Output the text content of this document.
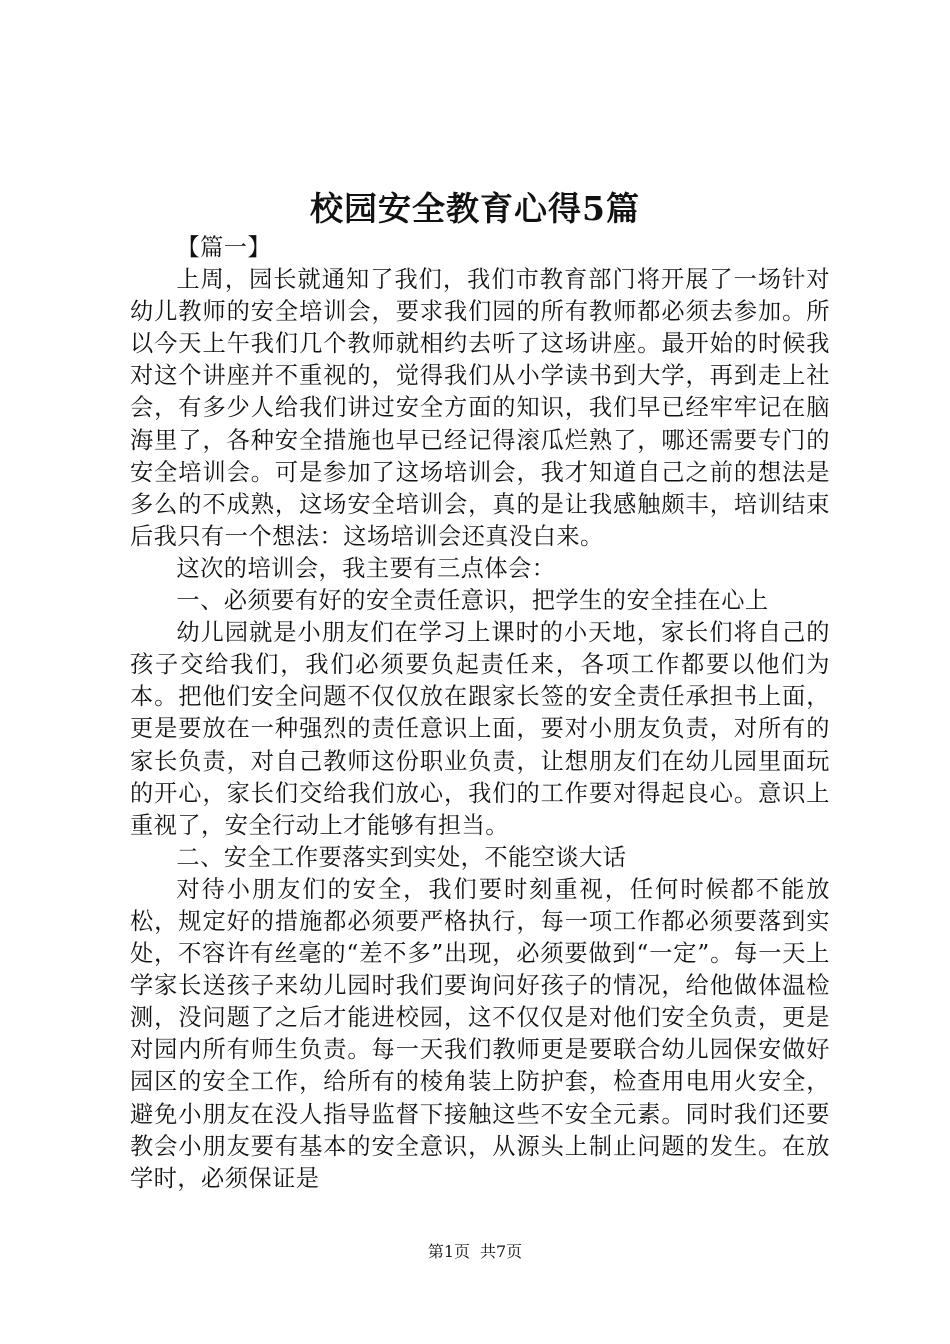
校园安全教育心得5篇

【篇一】

上周，园长就通知了我们，我们市教育部门将开展了一场针对幼儿教师的安全培训会，要求我们园的所有教师都必须去参加。所以今天上午我们几个教师就相约去听了这场讲座。最开始的时候我对这个讲座并不重视的，觉得我们从小学读书到大学，再到走上社会，有多少人给我们讲过安全方面的知识，我们早已经牢牢记在脑海里了，各种安全措施也早已经记得滚瓜烂熟了，哪还需要专门的安全培训会。可是参加了这场培训会，我才知道自己之前的想法是多么的不成熟，这场安全培训会，真的是让我感触颇丰，培训结束后我只有一个想法：这场培训会还真没白来。

这次的培训会，我主要有三点体会：

一、必须要有好的安全责任意识，把学生的安全挂在心上

幼儿园就是小朋友们在学习上课时的小天地，家长们将自己的孩子交给我们，我们必须要负起责任来，各项工作都要以他们为本。把他们安全问题不仅仅放在跟家长签的安全责任承担书上面，更是要放在一种强烈的责任意识上面，要对小朋友负责，对所有的家长负责，对自己教师这份职业负责，让想朋友们在幼儿园里面玩的开心，家长们交给我们放心，我们的工作要对得起良心。意识上重视了，安全行动上才能够有担当。

二、安全工作要落实到实处，不能空谈大话

对待小朋友们的安全，我们要时刻重视，任何时候都不能放松，规定好的措施都必须要严格执行，每一项工作都必须要落到实处，不容许有丝毫的“差不多”出现，必须要做到“一定”。每一天上学家长送孩子来幼儿园时我们要询问好孩子的情况，给他做体温检测，没问题了之后才能进校园，这不仅仅是对他们安全负责，更是对园内所有师生负责。每一天我们教师更是要联合幼儿园保安做好园区的安全工作，给所有的棱角装上防护套，检查用电用火安全，避免小朋友在没人指导监督下接触这些不安全元素。同时我们还要教会小朋友要有基本的安全意识，从源头上制止问题的发生。在放学时，必须保证是

第1页 共7页
